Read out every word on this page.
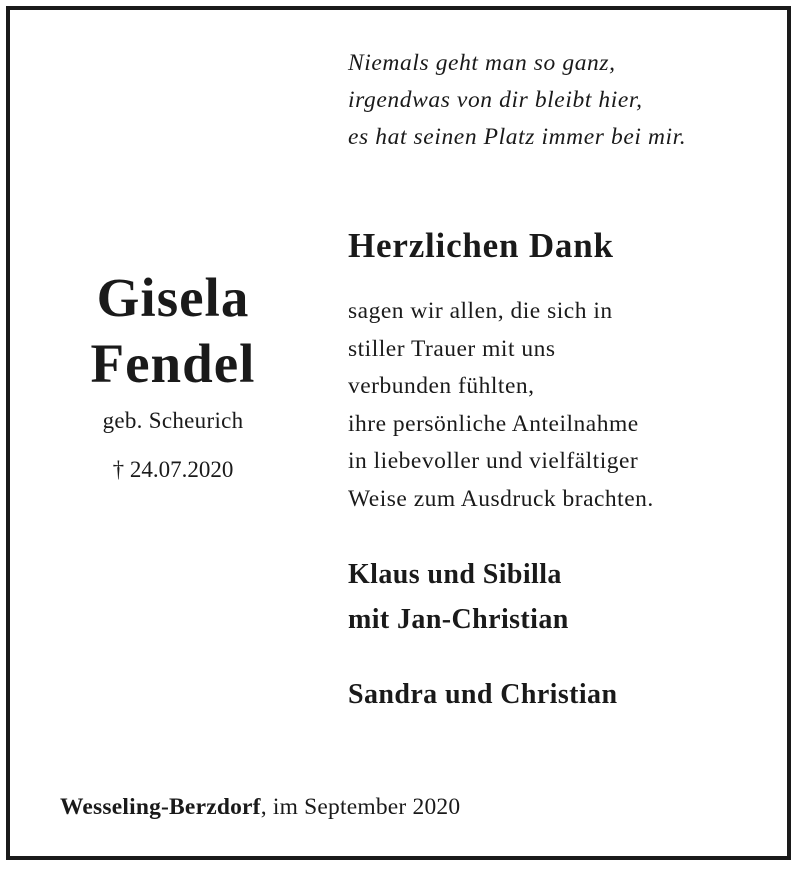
Niemals geht man so ganz,
irgendwas von dir bleibt hier,
es hat seinen Platz immer bei mir.
Gisela
Fendel
geb. Scheurich
† 24.07.2020
Herzlichen Dank
sagen wir allen, die sich in
stiller Trauer mit uns
verbunden fühlten,
ihre persönliche Anteilnahme
in liebevoller und vielfältiger
Weise zum Ausdruck brachten.
Klaus und Sibilla
mit Jan-Christian
Sandra und Christian
Wesseling-Berzdorf, im September 2020
